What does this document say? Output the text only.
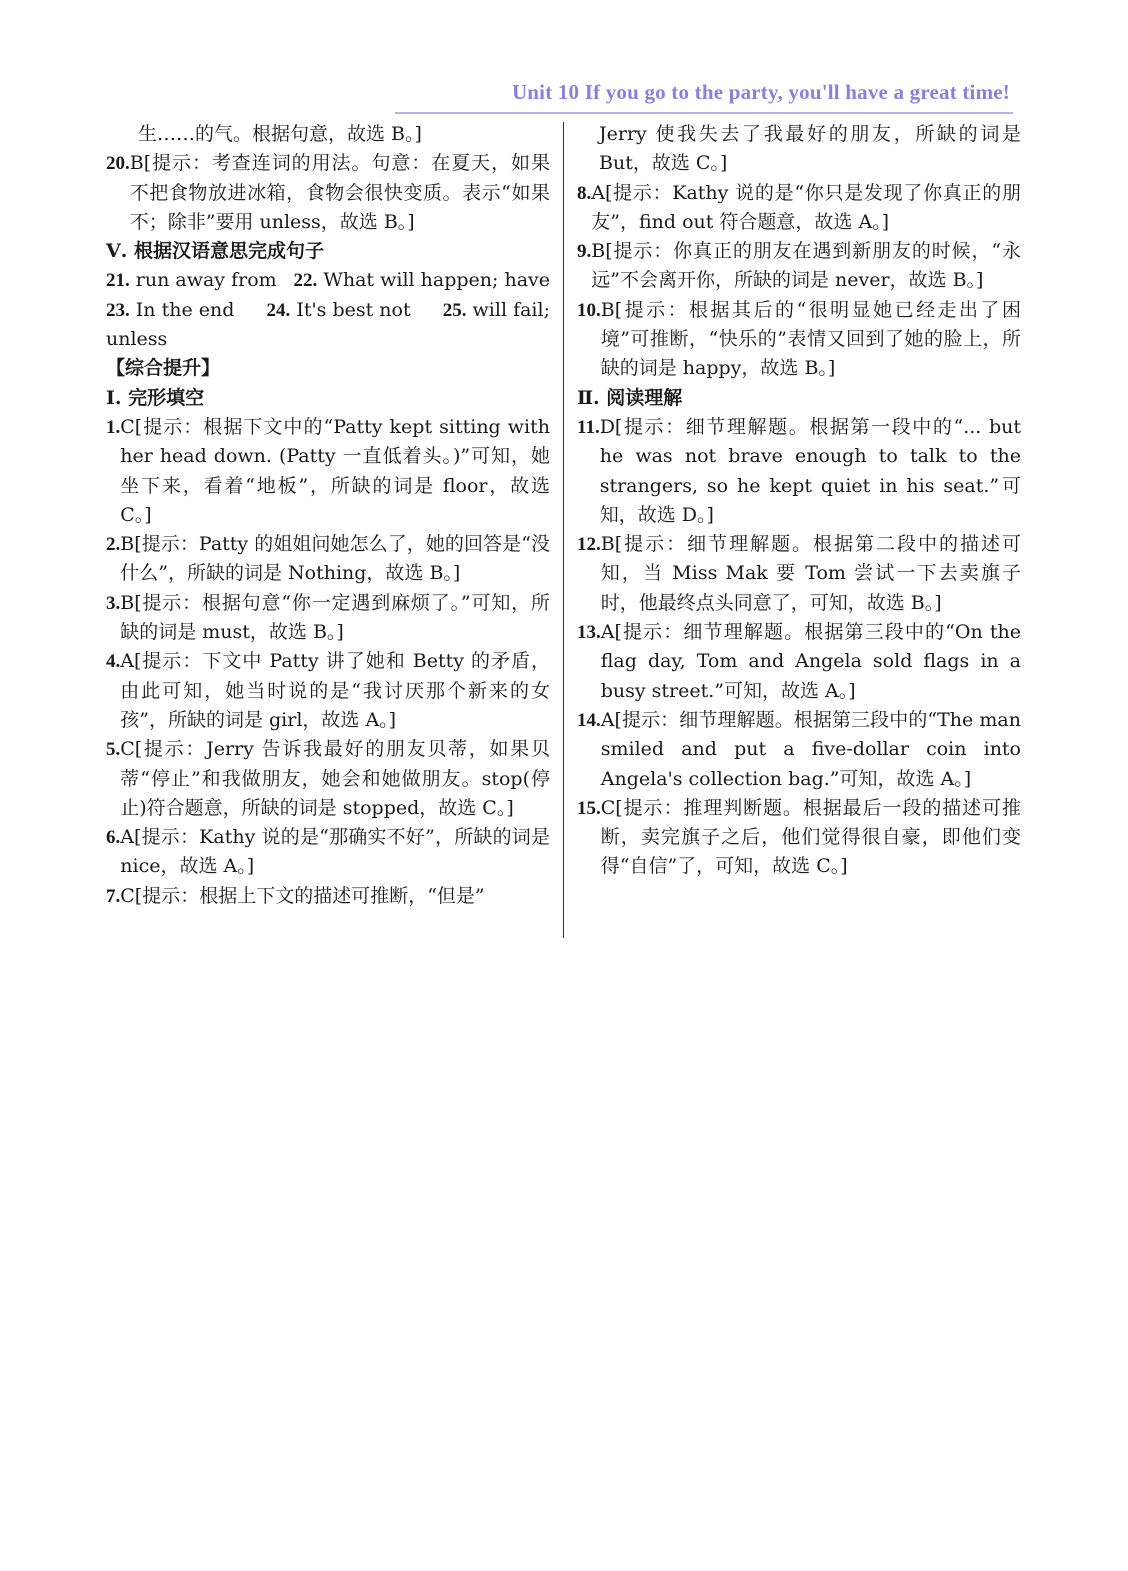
Unit 10 If you go to the party, you'll have a great time!
生……的气。根据句意，故选 B。]
20. B[提示：考查连词的用法。句意：在夏天，如果不把食物放进冰箱，食物会很快变质。表示“如果不；除非”要用 unless，故选 B。]
Ⅴ. 根据汉语意思完成句子
21. run away from 22. What will happen; have
23. In the end 24. It's best not 25. will fail;
unless
【综合提升】
Ⅰ. 完形填空
1. C[提示：根据下文中的“Patty kept sitting with her head down. (Patty 一直低着头。)”可知，她坐下来，看着“地板”，所缺的词是 floor，故选 C。]
2. B[提示：Patty 的姐姐问她怎么了，她的回答是“没什么”，所缺的词是 Nothing，故选 B。]
3. B[提示：根据句意“你一定遇到麻烦了。”可知，所缺的词是 must，故选 B。]
4. A[提示：下文中 Patty 讲了她和 Betty 的矛盾，由此可知，她当时说的是“我讨厌那个新来的女孩”，所缺的词是 girl，故选 A。]
5. C[提示：Jerry 告诉我最好的朋友贝蒂，如果贝蒂“停止”和我做朋友，她会和她做朋友。stop(停止)符合题意，所缺的词是 stopped，故选 C。]
6. A[提示：Kathy 说的是“那确实不好”，所缺的词是 nice，故选 A。]
7. C[提示：根据上下文的描述可推断，“但是”
Jerry 使我失去了我最好的朋友，所缺的词是 But，故选 C。]
8. A[提示：Kathy 说的是“你只是发现了你真正的朋友”，find out 符合题意，故选 A。]
9. B[提示：你真正的朋友在遇到新朋友的时候，“永远”不会离开你，所缺的词是 never，故选 B。]
10. B[提示：根据其后的“很明显她已经走出了困境”可推断，“快乐的”表情又回到了她的脸上，所缺的词是 happy，故选 B。]
Ⅱ. 阅读理解
11. D[提示：细节理解题。根据第一段中的“... but he was not brave enough to talk to the strangers, so he kept quiet in his seat.”可知，故选 D。]
12. B[提示：细节理解题。根据第二段中的描述可知，当 Miss Mak 要 Tom 尝试一下去卖旗子时，他最终点头同意了，可知，故选 B。]
13. A[提示：细节理解题。根据第三段中的“On the flag day, Tom and Angela sold flags in a busy street.”可知，故选 A。]
14. A[提示：细节理解题。根据第三段中的“The man smiled and put a five-dollar coin into Angela's collection bag.”可知，故选 A。]
15. C[提示：推理判断题。根据最后一段的描述可推断，卖完旗子之后，他们觉得很自豪，即他们变得“自信”了，可知，故选 C。]
